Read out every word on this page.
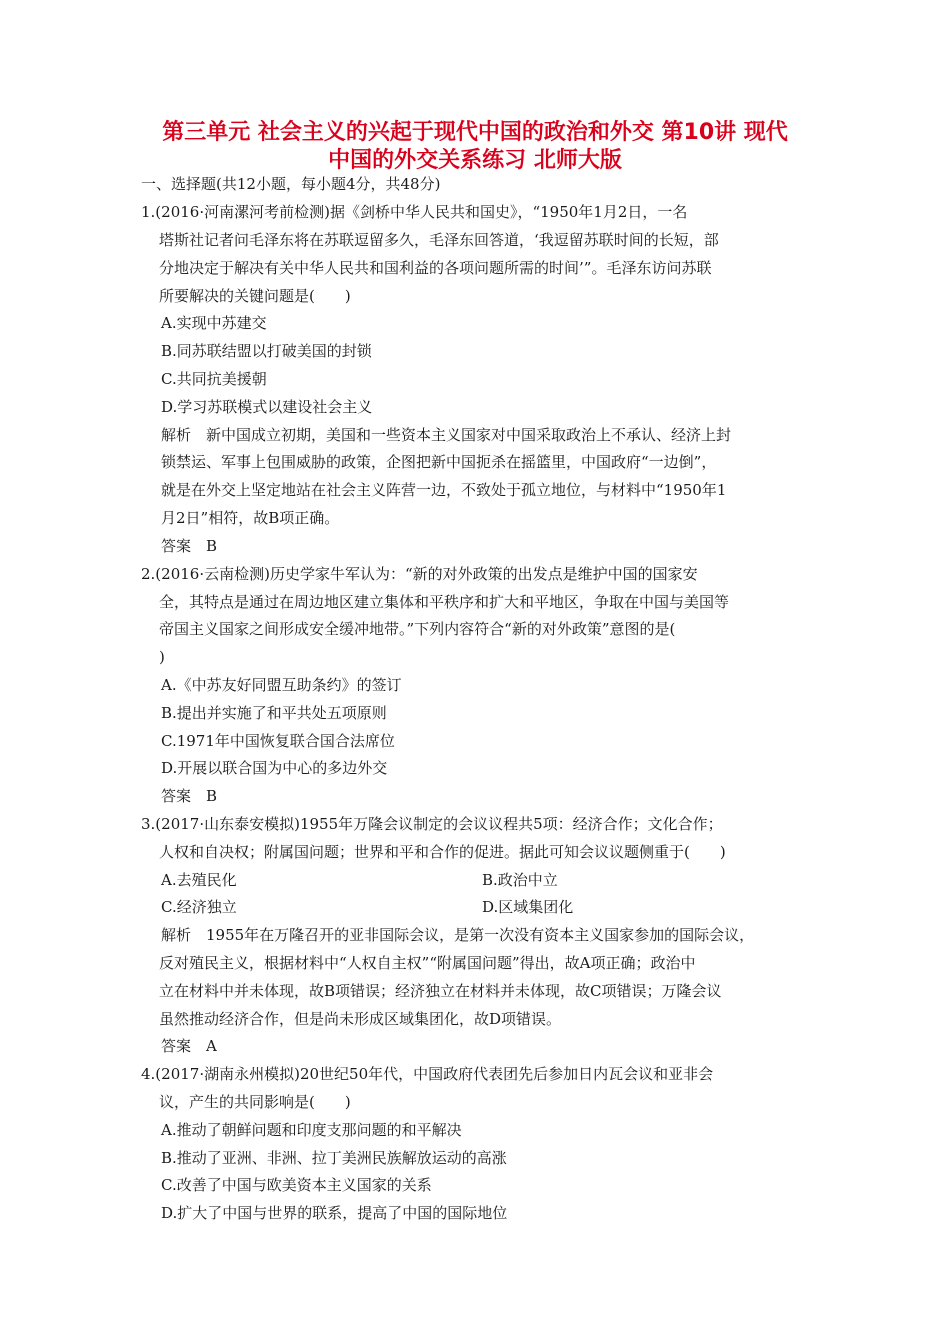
第三单元 社会主义的兴起于现代中国的政治和外交 第10讲 现代
中国的外交关系练习 北师大版
一、选择题(共12小题，每小题4分，共48分)
1.(2016·河南漯河考前检测)据《剑桥中华人民共和国史》，“1950年1月2日，一名
塔斯社记者问毛泽东将在苏联逗留多久，毛泽东回答道，‘我逗留苏联时间的长短，部
分地决定于解决有关中华人民共和国利益的各项问题所需的时间’”。毛泽东访问苏联
所要解决的关键问题是(　　)
A.实现中苏建交
B.同苏联结盟以打破美国的封锁
C.共同抗美援朝
D.学习苏联模式以建设社会主义
解析　新中国成立初期，美国和一些资本主义国家对中国采取政治上不承认、经济上封
锁禁运、军事上包围威胁的政策，企图把新中国扼杀在摇篮里，中国政府“一边倒”，
就是在外交上坚定地站在社会主义阵营一边，不致处于孤立地位，与材料中“1950年1
月2日”相符，故B项正确。
答案　B
2.(2016·云南检测)历史学家牛军认为：“新的对外政策的出发点是维护中国的国家安
全，其特点是通过在周边地区建立集体和平秩序和扩大和平地区，争取在中国与美国等
帝国主义国家之间形成安全缓冲地带。”下列内容符合“新的对外政策”意图的是(
)
A.《中苏友好同盟互助条约》的签订
B.提出并实施了和平共处五项原则
C.1971年中国恢复联合国合法席位
D.开展以联合国为中心的多边外交
答案　B
3.(2017·山东泰安模拟)1955年万隆会议制定的会议议程共5项：经济合作；文化合作；
人权和自决权；附属国问题；世界和平和合作的促进。据此可知会议议题侧重于(　　)
A.去殖民化	B.政治中立
C.经济独立	D.区域集团化
解析　1955年在万隆召开的亚非国际会议，是第一次没有资本主义国家参加的国际会议，
反对殖民主义，根据材料中“人权自主权”“附属国问题”得出，故A项正确；政治中
立在材料中并未体现，故B项错误；经济独立在材料并未体现，故C项错误；万隆会议
虽然推动经济合作，但是尚未形成区域集团化，故D项错误。
答案　A
4.(2017·湖南永州模拟)20世纪50年代，中国政府代表团先后参加日内瓦会议和亚非会
议，产生的共同影响是(　　)
A.推动了朝鲜问题和印度支那问题的和平解决
B.推动了亚洲、非洲、拉丁美洲民族解放运动的高涨
C.改善了中国与欧美资本主义国家的关系
D.扩大了中国与世界的联系，提高了中国的国际地位
